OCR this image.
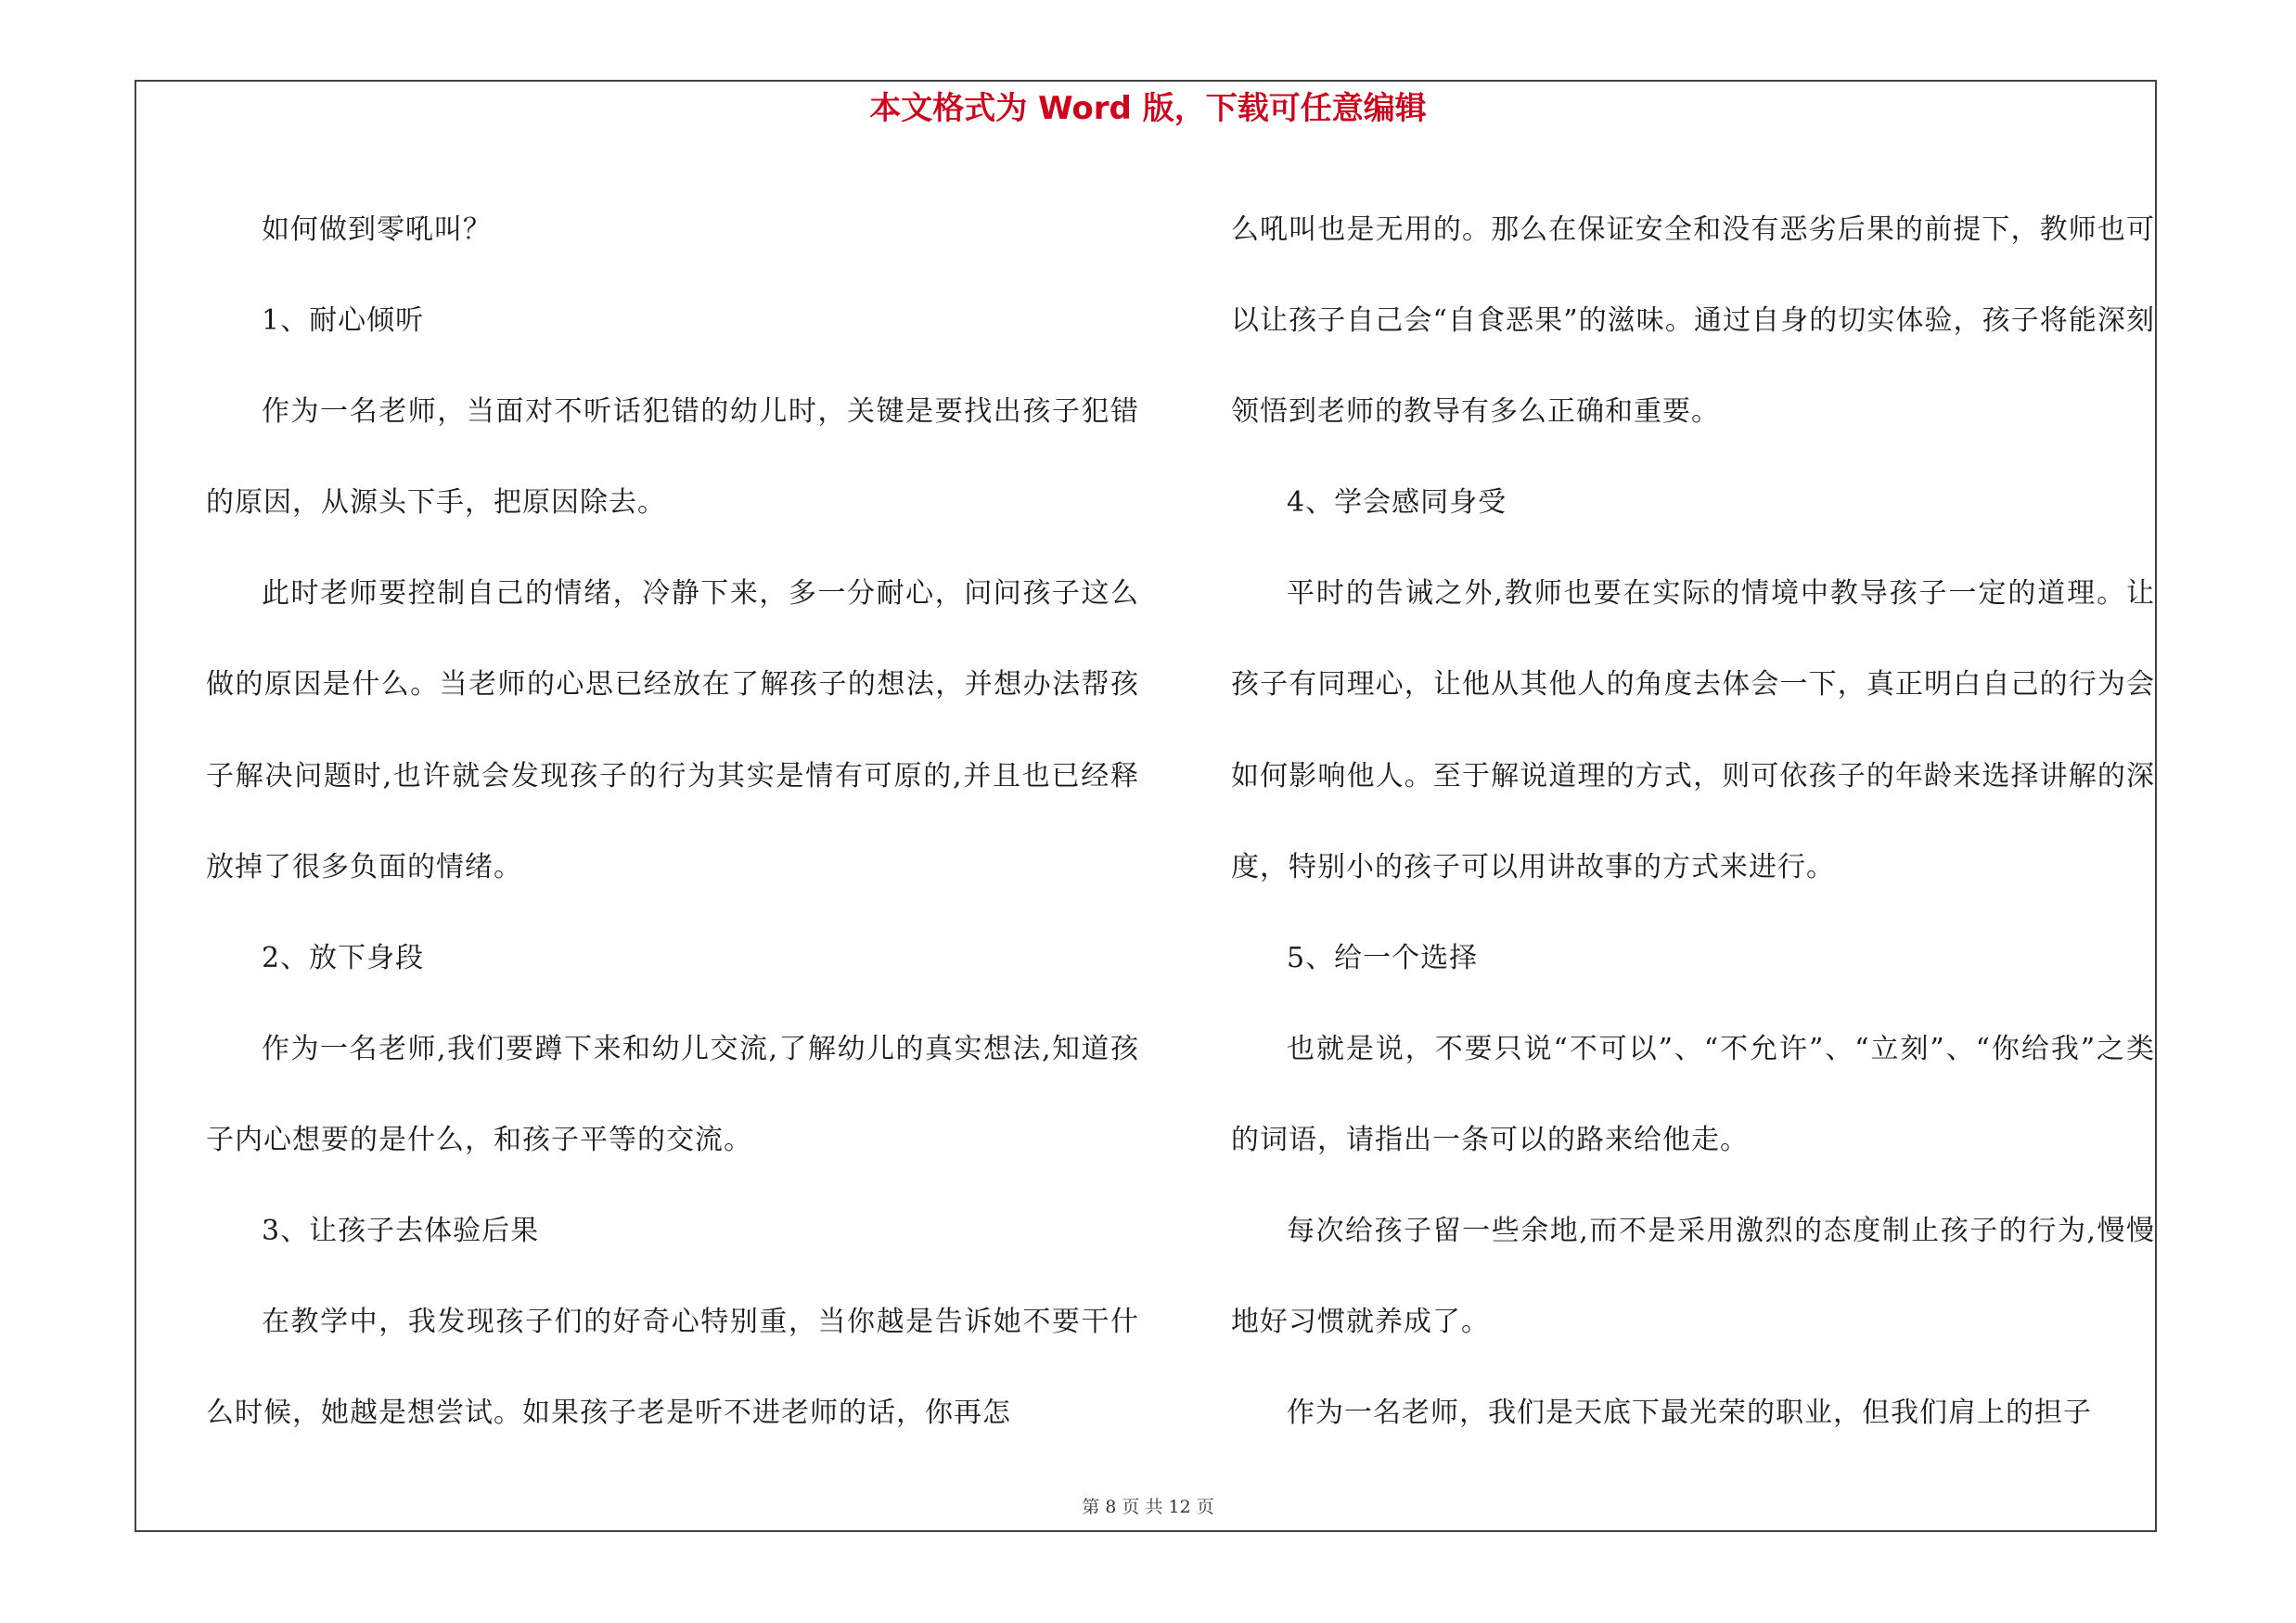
本文格式为 Word 版，下载可任意编辑

如何做到零吼叫？

1、耐心倾听

作为一名老师，当面对不听话犯错的幼儿时，关键是要找出孩子犯错的原因，从源头下手，把原因除去。

此时老师要控制自己的情绪，冷静下来，多一分耐心，问问孩子这么做的原因是什么。当老师的心思已经放在了解孩子的想法，并想办法帮孩子解决问题时,也许就会发现孩子的行为其实是情有可原的,并且也已经释放掉了很多负面的情绪。

2、放下身段

作为一名老师,我们要蹲下来和幼儿交流,了解幼儿的真实想法,知道孩子内心想要的是什么，和孩子平等的交流。

3、让孩子去体验后果

在教学中，我发现孩子们的好奇心特别重，当你越是告诉她不要干什么时候，她越是想尝试。如果孩子老是听不进老师的话，你再怎

么吼叫也是无用的。那么在保证安全和没有恶劣后果的前提下，教师也可以让孩子自己会“自食恶果”的滋味。通过自身的切实体验，孩子将能深刻领悟到老师的教导有多么正确和重要。

4、学会感同身受

平时的告诫之外,教师也要在实际的情境中教导孩子一定的道理。让孩子有同理心，让他从其他人的角度去体会一下，真正明白自己的行为会如何影响他人。至于解说道理的方式，则可依孩子的年龄来选择讲解的深度，特别小的孩子可以用讲故事的方式来进行。

5、给一个选择

也就是说，不要只说“不可以”、“不允许”、“立刻”、“你给我”之类的词语，请指出一条可以的路来给他走。

每次给孩子留一些余地,而不是采用激烈的态度制止孩子的行为,慢慢地好习惯就养成了。

作为一名老师，我们是天底下最光荣的职业，但我们肩上的担子

第 8 页 共 12 页
